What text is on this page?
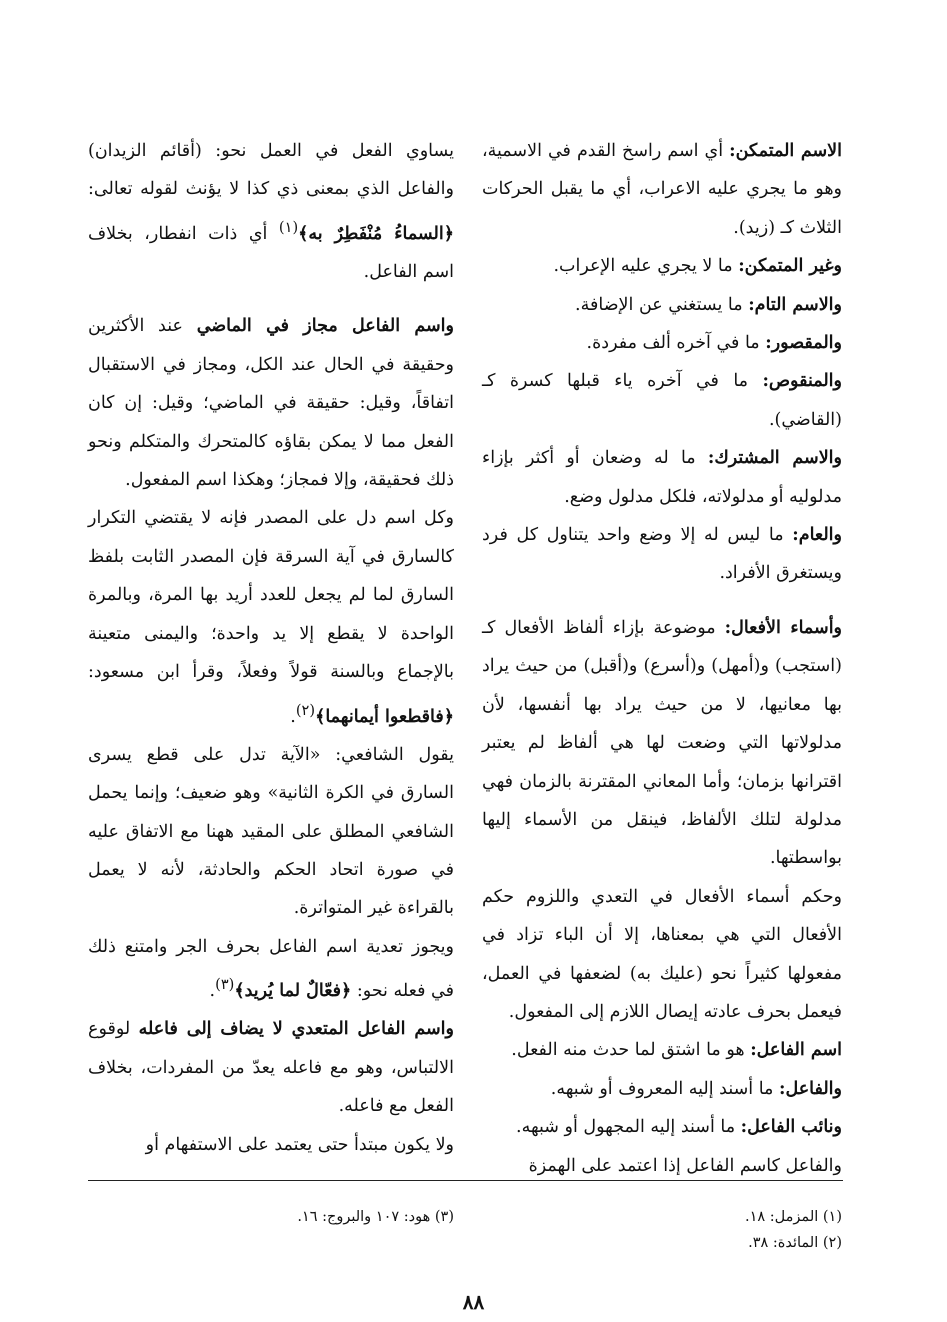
الاسم المتمكن: أي اسم راسخ القدم في الاسمية، وهو ما يجري عليه الاعراب، أي ما يقبل الحركات الثلاث كـ (زيد).

وغير المتمكن: ما لا يجري عليه الإعراب.

والاسم التام: ما يستغني عن الإضافة.

والمقصور: ما في آخره ألف مفردة.

والمنقوص: ما في آخره ياء قبلها كسرة كـ (القاضي).

والاسم المشترك: ما له وضعان أو أكثر بإزاء مدلوليه أو مدلولاته، فلكل مدلول وضع.

والعام: ما ليس له إلا وضع واحد يتناول كل فرد ويستغرق الأفراد.

وأسماء الأفعال: موضوعة بإزاء ألفاظ الأفعال كـ (استجب) و(أمهل) و(أسرع) و(أقبل) من حيث يراد بها معانيها، لا من حيث يراد بها أنفسها، لأن مدلولاتها التي وضعت لها هي ألفاظ لم يعتبر اقترانها بزمان؛ وأما المعاني المقترنة بالزمان فهي مدلولة لتلك الألفاظ، فينقل من الأسماء إليها بواسطتها.

وحكم أسماء الأفعال في التعدي واللزوم حكم الأفعال التي هي بمعناها، إلا أن الباء تزاد في مفعولها كثيراً نحو (عليك به) لضعفها في العمل، فيعمل بحرف عادته إيصال اللازم إلى المفعول.

اسم الفاعل: هو ما اشتق لما حدث منه الفعل.

والفاعل: ما أسند إليه المعروف أو شبهه.

ونائب الفاعل: ما أسند إليه المجهول أو شبهه.

والفاعل كاسم الفاعل إذا اعتمد على الهمزة

يساوي الفعل في العمل نحو: (أقائم الزيدان) والفاعل الذي بمعنى ذي كذا لا يؤنث لقوله تعالى: ﴿السماءُ مُنْفَطِرٌ به﴾$^{(١)}$ أي ذات انفطار، بخلاف اسم الفاعل.

واسم الفاعل مجاز في الماضي عند الأكثرين وحقيقة في الحال عند الكل، ومجاز في الاستقبال اتفاقاً، وقيل: حقيقة في الماضي؛ وقيل: إن كان الفعل مما لا يمكن بقاؤه كالمتحرك والمتكلم ونحو ذلك فحقيقة، وإلا فمجاز؛ وهكذا اسم المفعول.

وكل اسم دل على المصدر فإنه لا يقتضي التكرار كالسارق في آية السرقة فإن المصدر الثابت بلفظ السارق لما لم يجعل للعدد أريد بها المرة، وبالمرة الواحدة لا يقطع إلا يد واحدة؛ واليمنى متعينة بالإجماع وبالسنة قولاً وفعلاً، وقرأ ابن مسعود: ﴿فاقطعوا أيمانهما﴾$^{(٢)}$.

يقول الشافعي: «الآية تدل على قطع يسرى السارق في الكرة الثانية» وهو ضعيف؛ وإنما يحمل الشافعي المطلق على المقيد ههنا مع الاتفاق عليه في صورة اتحاد الحكم والحادثة، لأنه لا يعمل بالقراءة غير المتواترة.

ويجوز تعدية اسم الفاعل بحرف الجر وامتنع ذلك في فعله نحو: ﴿فعّالٌ لما يُريد﴾$^{(٣)}$.

واسم الفاعل المتعدي لا يضاف إلى فاعله لوقوع الالتباس، وهو مع فاعله يعدّ من المفردات، بخلاف الفعل مع فاعله.

ولا يكون مبتدأ حتى يعتمد على الاستفهام أو

(١) المزمل: ١٨.

(٢) المائدة: ٣٨.

(٣) هود: ١٠٧ والبروج: ١٦.

٨٨
